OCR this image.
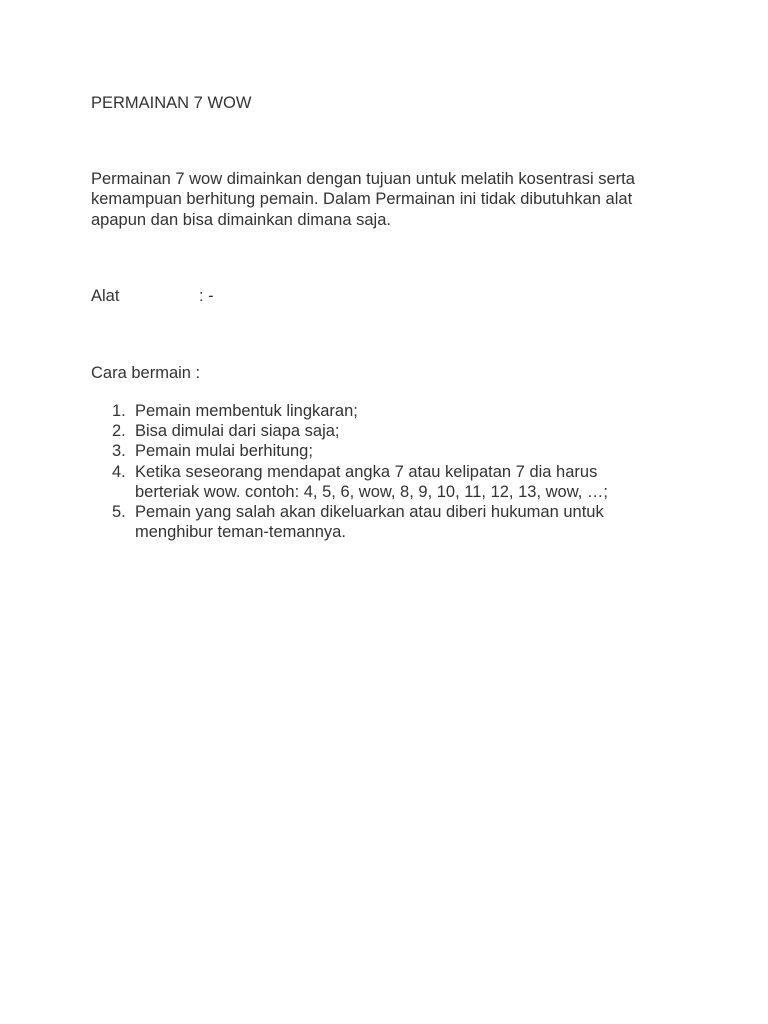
PERMAINAN 7 WOW
Permainan 7 wow dimainkan dengan tujuan untuk melatih kosentrasi serta
kemampuan berhitung pemain. Dalam Permainan ini tidak dibutuhkan alat
apapun dan bisa dimainkan dimana saja.
Alat	: -
Cara bermain :
1. Pemain membentuk lingkaran;
2. Bisa dimulai dari siapa saja;
3. Pemain mulai berhitung;
4. Ketika seseorang mendapat angka 7 atau kelipatan 7 dia harus
berteriak wow. contoh: 4, 5, 6, wow, 8, 9, 10, 11, 12, 13, wow, …;
5. Pemain yang salah akan dikeluarkan atau diberi hukuman untuk
menghibur teman-temannya.
